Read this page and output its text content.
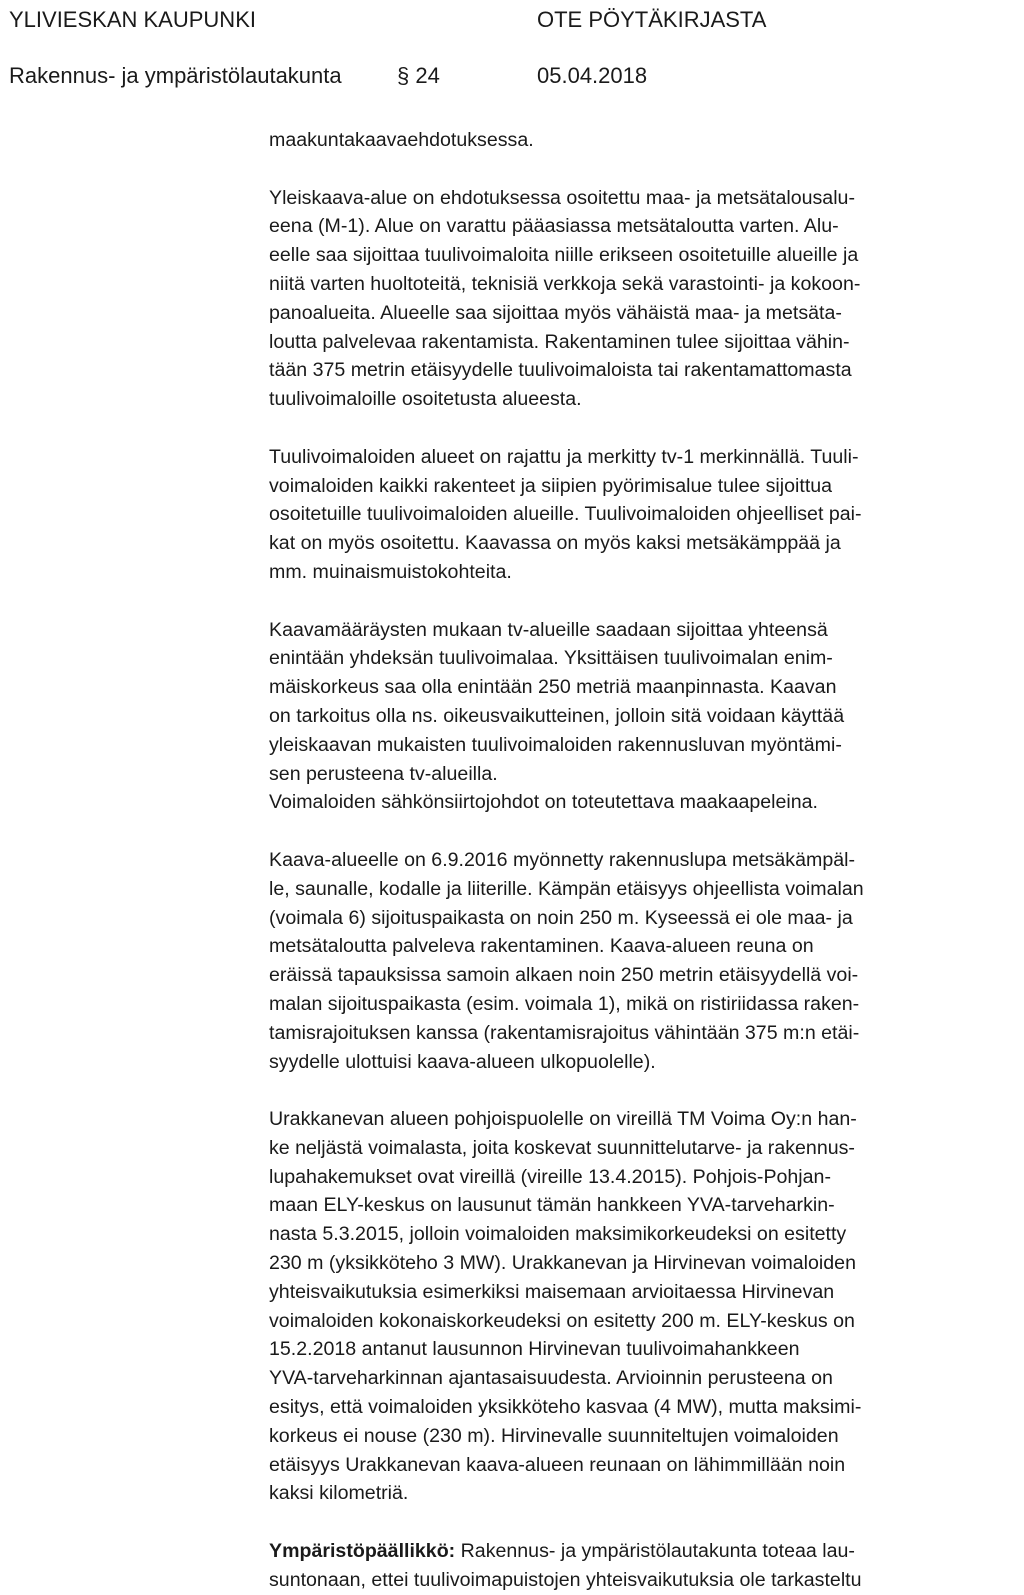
YLIVIESKAN KAUPUNKI	OTE PÖYTÄKIRJASTA
Rakennus- ja ympäristölautakunta	§ 24	05.04.2018

maakuntakaavaehdotuksessa.

Yleiskaava-alue on ehdotuksessa osoitettu maa- ja metsätalousalu-
eena (M-1). Alue on varattu pääasiassa metsätaloutta varten. Alu-
eelle saa sijoittaa tuulivoimaloita niille erikseen osoitetuille alueille ja
niitä varten huoltoteitä, teknisiä verkkoja sekä varastointi- ja kokoon-
panoalueita. Alueelle saa sijoittaa myös vähäistä maa- ja metsäta-
loutta palvelevaa rakentamista. Rakentaminen tulee sijoittaa vähin-
tään 375 metrin etäisyydelle tuulivoimaloista tai rakentamattomasta
tuulivoimaloille osoitetusta alueesta.

Tuulivoimaloiden alueet on rajattu ja merkitty tv-1 merkinnällä. Tuuli-
voimaloiden kaikki rakenteet ja siipien pyörimisalue tulee sijoittua
osoitetuille tuulivoimaloiden alueille. Tuulivoimaloiden ohjeelliset pai-
kat on myös osoitettu. Kaavassa on myös kaksi metsäkämppää ja
mm. muinaismuistokohteita.

Kaavamääräysten mukaan tv-alueille saadaan sijoittaa yhteensä
enintään yhdeksän tuulivoimalaa. Yksittäisen tuulivoimalan enim-
mäiskorkeus saa olla enintään 250 metriä maanpinnasta. Kaavan
on tarkoitus olla ns. oikeusvaikutteinen, jolloin sitä voidaan käyttää
yleiskaavan mukaisten tuulivoimaloiden rakennusluvan myöntämi-
sen perusteena tv-alueilla.
Voimaloiden sähkönsiirtojohdot on toteutettava maakaapeleina.

Kaava-alueelle on 6.9.2016 myönnetty rakennuslupa metsäkämpäl-
le, saunalle, kodalle ja liiterille. Kämpän etäisyys ohjeellista voimalan
(voimala 6) sijoituspaikasta on noin 250 m. Kyseessä ei ole maa- ja
metsätaloutta palveleva rakentaminen. Kaava-alueen reuna on
eräissä tapauksissa samoin alkaen noin 250 metrin etäisyydellä voi-
malan sijoituspaikasta (esim. voimala 1), mikä on ristiriidassa raken-
tamisrajoituksen kanssa (rakentamisrajoitus vähintään 375 m:n etäi-
syydelle ulottuisi kaava-alueen ulkopuolelle).

Urakkanevan alueen pohjoispuolelle on vireillä TM Voima Oy:n han-
ke neljästä voimalasta, joita koskevat suunnittelutarve- ja rakennus-
lupahakemukset ovat vireillä (vireille 13.4.2015). Pohjois-Pohjan-
maan ELY-keskus on lausunut tämän hankkeen YVA-tarveharkin-
nasta 5.3.2015, jolloin voimaloiden maksimikorkeudeksi on esitetty
230 m (yksikköteho 3 MW). Urakkanevan ja Hirvinevan voimaloiden
yhteisvaikutuksia esimerkiksi maisemaan arvioitaessa Hirvinevan
voimaloiden kokonaiskorkeudeksi on esitetty 200 m. ELY-keskus on
15.2.2018 antanut lausunnon Hirvinevan tuulivoimahankkeen
YVA-tarveharkinnan ajantasaisuudesta. Arvioinnin perusteena on
esitys, että voimaloiden yksikköteho kasvaa (4 MW), mutta maksimi-
korkeus ei nouse (230 m). Hirvinevalle suunniteltujen voimaloiden
etäisyys Urakkanevan kaava-alueen reunaan on lähimmillään noin
kaksi kilometriä.

Ympäristöpäällikkö: Rakennus- ja ympäristölautakunta toteaa lau-
suntonaan, ettei tuulivoimapuistojen yhteisvaikutuksia ole tarkasteltu
